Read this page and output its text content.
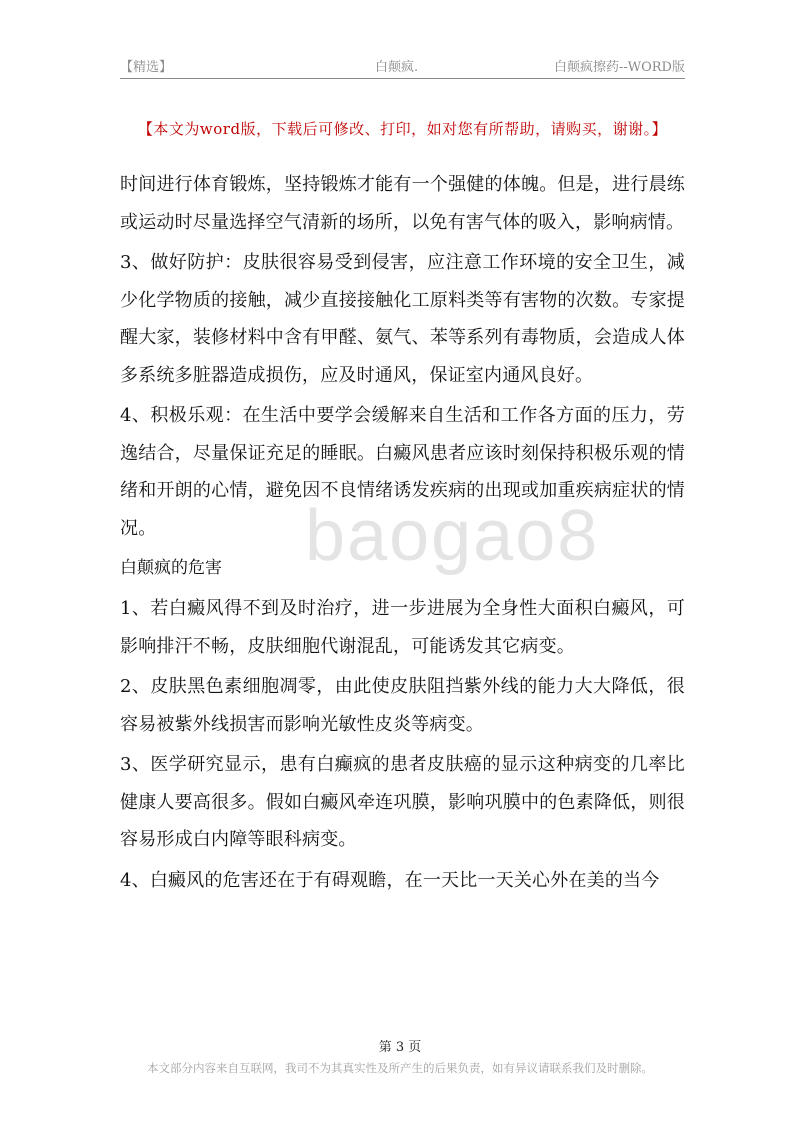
【精选】	白颠疯.	白颠疯擦药--WORD版
【本文为word版，下载后可修改、打印，如对您有所帮助，请购买，谢谢。】
baogao8

时间进行体育锻炼，坚持锻炼才能有一个强健的体魄。但是，进行晨练或运动时尽量选择空气清新的场所，以免有害气体的吸入，影响病情。

3、做好防护：皮肤很容易受到侵害，应注意工作环境的安全卫生，减少化学物质的接触，减少直接接触化工原料类等有害物的次数。专家提醒大家，装修材料中含有甲醛、氨气、苯等系列有毒物质，会造成人体多系统多脏器造成损伤，应及时通风，保证室内通风良好。

4、积极乐观：在生活中要学会缓解来自生活和工作各方面的压力，劳逸结合，尽量保证充足的睡眠。白癜风患者应该时刻保持积极乐观的情绪和开朗的心情，避免因不良情绪诱发疾病的出现或加重疾病症状的情况。

白颠疯的危害

1、若白癜风得不到及时治疗，进一步进展为全身性大面积白癜风，可影响排汗不畅，皮肤细胞代谢混乱，可能诱发其它病变。

2、皮肤黑色素细胞凋零，由此使皮肤阻挡紫外线的能力大大降低，很容易被紫外线损害而影响光敏性皮炎等病变。

3、医学研究显示，患有白癫疯的患者皮肤癌的显示这种病变的几率比健康人要高很多。假如白癜风牵连巩膜，影响巩膜中的色素降低，则很容易形成白内障等眼科病变。

4、白癜风的危害还在于有碍观瞻，在一天比一天关心外在美的当今

第 3 页
本文部分内容来自互联网，我司不为其真实性及所产生的后果负责，如有异议请联系我们及时删除。
